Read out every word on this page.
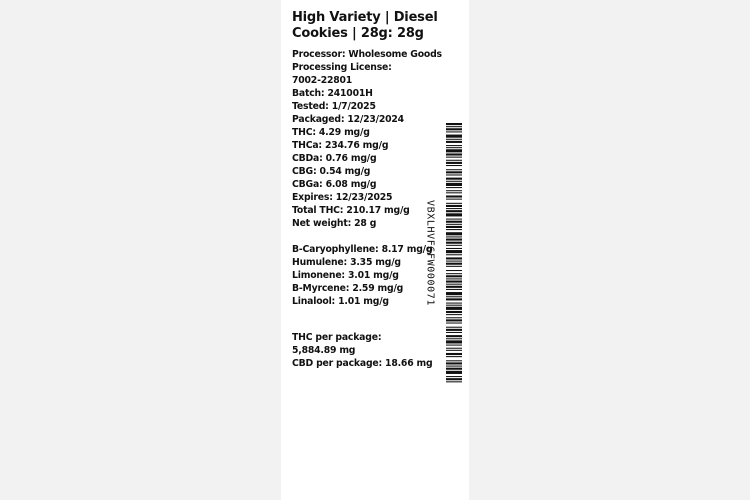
High Variety | Diesel Cookies | 28g: 28g
Processor: Wholesome Goods
Processing License:
7002-22801
Batch: 241001H
Tested: 1/7/2025
Packaged: 12/23/2024
THC: 4.29 mg/g
THCa: 234.76 mg/g
CBDa: 0.76 mg/g
CBG: 0.54 mg/g
CBGa: 6.08 mg/g
Expires: 12/23/2025
Total THC: 210.17 mg/g
Net weight: 28 g
B-Caryophyllene: 8.17 mg/g
Humulene: 3.35 mg/g
Limonene: 3.01 mg/g
B-Myrcene: 2.59 mg/g
Linalool: 1.01 mg/g
THC per package: 5,884.89 mg
CBD per package: 18.66 mg
VBXLHVF6FW000071
